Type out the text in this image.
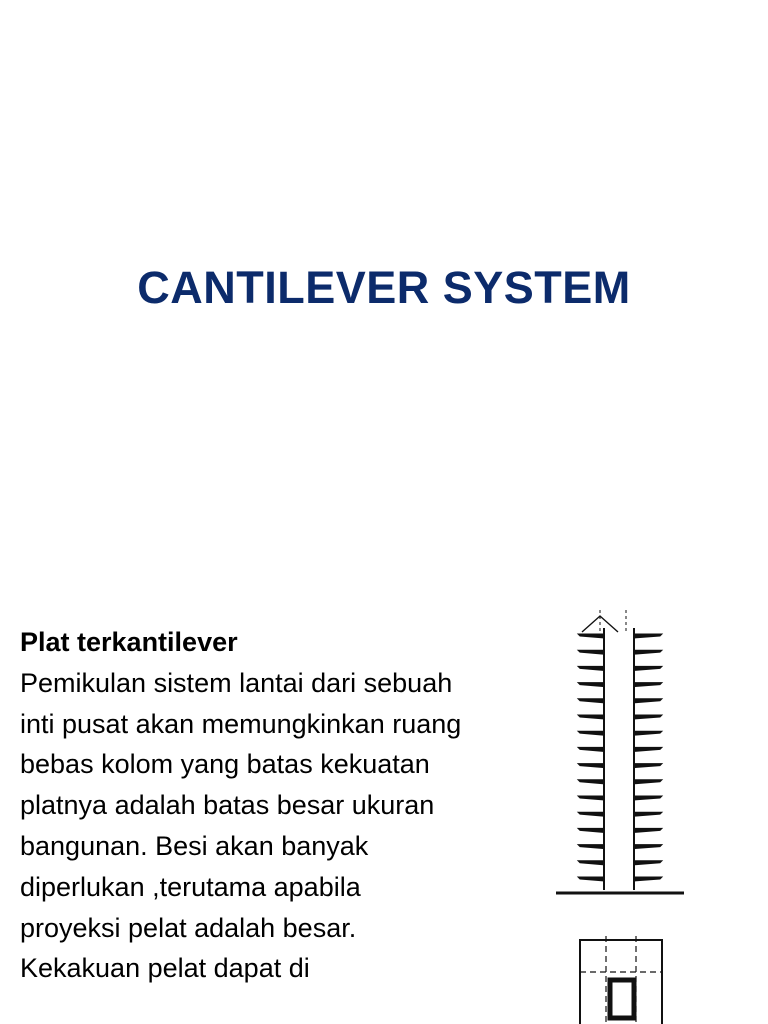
CANTILEVER SYSTEM

Plat terkantilever
Pemikulan sistem lantai dari sebuah inti pusat akan memungkinkan ruang bebas kolom yang batas kekuatan platnya adalah batas besar ukuran bangunan. Besi akan banyak diperlukan ,terutama apabila proyeksi pelat adalah besar. Kekakuan pelat dapat di
